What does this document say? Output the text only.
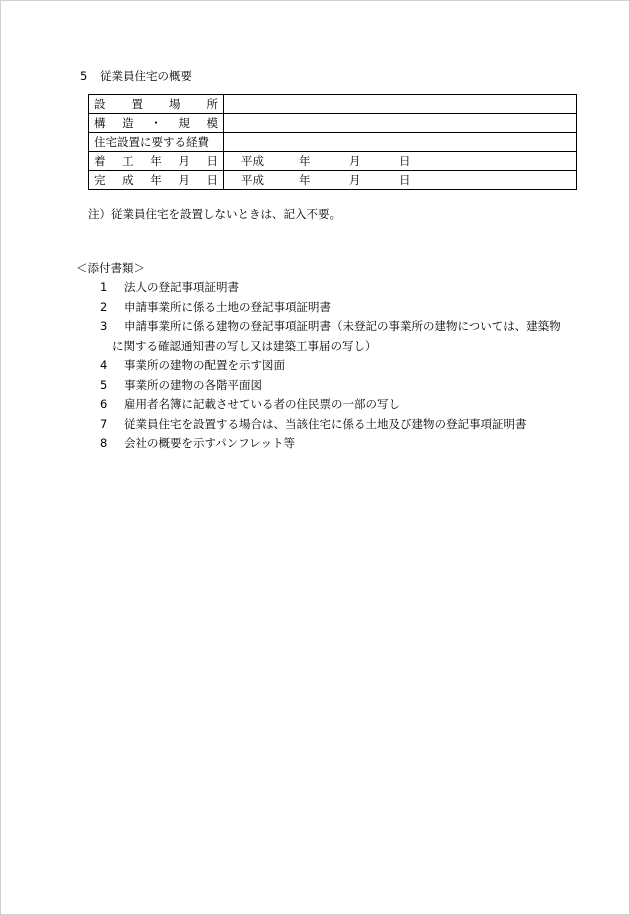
5 従業員住宅の概要
設 置 場 所	

構 造 ・ 規 模	

住宅設置に要する経費	

着 工 年 月 日	平成 年 月 日

完 成 年 月 日	平成 年 月 日
注）従業員住宅を設置しないときは、記入不要。
＜添付書類＞
1	法人の登記事項証明書
2	申請事業所に係る土地の登記事項証明書
3	申請事業所に係る建物の登記事項証明書（未登記の事業所の建物については、建築物
に関する確認通知書の写し又は建築工事届の写し）
4	事業所の建物の配置を示す図面
5	事業所の建物の各階平面図
6	雇用者名簿に記載させている者の住民票の一部の写し
7	従業員住宅を設置する場合は、当該住宅に係る土地及び建物の登記事項証明書
8	会社の概要を示すパンフレット等
